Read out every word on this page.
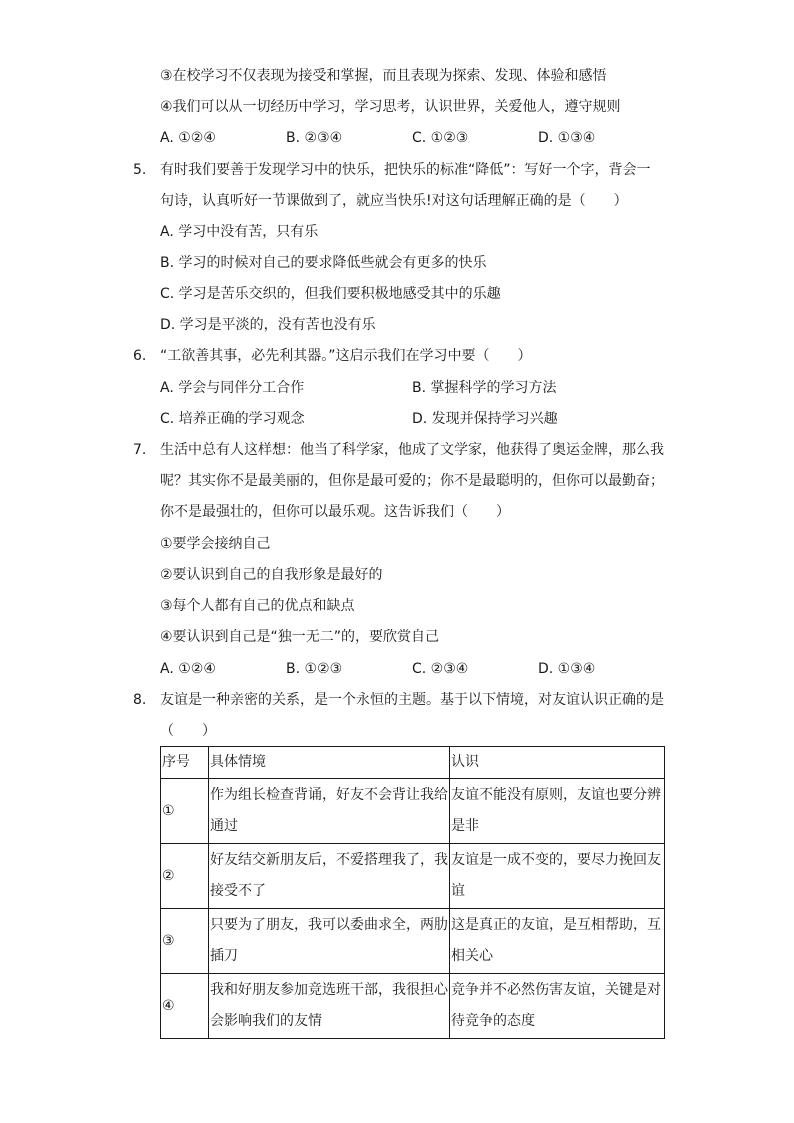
③在校学习不仅表现为接受和掌握，而且表现为探索、发现、体验和感悟
④我们可以从一切经历中学习，学习思考，认识世界，关爱他人，遵守规则
A. ①②④	B. ②③④	C. ①②③	D. ①③④
5. 有时我们要善于发现学习中的快乐，把快乐的标准“降低”：写好一个字，背会一
句诗，认真听好一节课做到了，就应当快乐!对这句话理解正确的是（　　）
A. 学习中没有苦，只有乐
B. 学习的时候对自己的要求降低些就会有更多的快乐
C. 学习是苦乐交织的，但我们要积极地感受其中的乐趣
D. 学习是平淡的，没有苦也没有乐
6. “工欲善其事，必先利其器。”这启示我们在学习中要（　　）
A. 学会与同伴分工合作	B. 掌握科学的学习方法
C. 培养正确的学习观念	D. 发现并保持学习兴趣
7. 生活中总有人这样想：他当了科学家，他成了文学家，他获得了奥运金牌，那么我
呢？其实你不是最美丽的，但你是最可爱的；你不是最聪明的，但你可以最勤奋；
你不是最强壮的，但你可以最乐观。这告诉我们（　　）
①要学会接纳自己
②要认识到自己的自我形象是最好的
③每个人都有自己的优点和缺点
④要认识到自己是“独一无二”的，要欣赏自己
A. ①②④	B. ①②③	C. ②③④	D. ①③④
8. 友谊是一种亲密的关系，是一个永恒的主题。基于以下情境，对友谊认识正确的是
（　　）
序号	具体情境	认识
①	作为组长检查背诵，好友不会背让我给通过	友谊不能没有原则，友谊也要分辨是非
②	好友结交新朋友后，不爱搭理我了，我接受不了	友谊是一成不变的，要尽力挽回友谊
③	只要为了朋友，我可以委曲求全，两肋插刀	这是真正的友谊，是互相帮助，互相关心
④	我和好朋友参加竞选班干部，我很担心会影响我们的友情	竞争并不必然伤害友谊，关键是对待竞争的态度
